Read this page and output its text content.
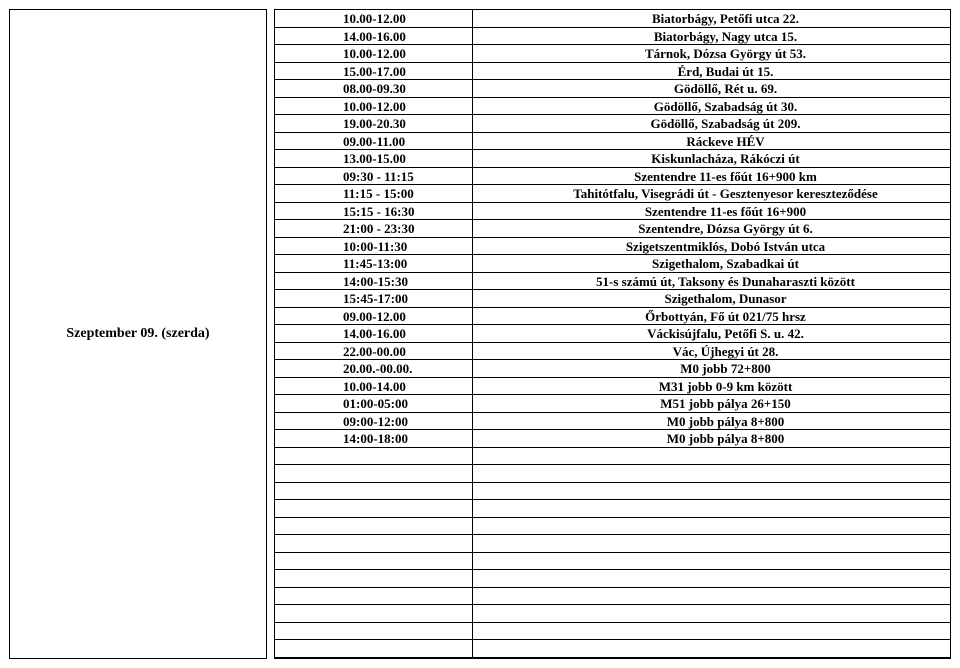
Szeptember 09. (szerda)
10.00-12.00	Biatorbágy, Petőfi utca 22.
14.00-16.00	Biatorbágy, Nagy utca 15.
10.00-12.00	Tárnok, Dózsa György út 53.
15.00-17.00	Érd, Budai út 15.
08.00-09.30	Gödöllő, Rét u. 69.
10.00-12.00	Gödöllő, Szabadság út 30.
19.00-20.30	Gödöllő, Szabadság út 209.
09.00-11.00	Ráckeve HÉV
13.00-15.00	Kiskunlacháza, Rákóczi út
09:30 - 11:15	Szentendre 11-es főút 16+900 km
11:15 - 15:00	Tahitótfalu, Visegrádi út - Gesztenyesor kereszteződése
15:15 - 16:30	Szentendre 11-es főút 16+900
21:00 - 23:30	Szentendre, Dózsa György út 6.
10:00-11:30	Szigetszentmiklós, Dobó István utca
11:45-13:00	Szigethalom, Szabadkai út
14:00-15:30	51-s számú út, Taksony és Dunaharaszti között
15:45-17:00	Szigethalom, Dunasor
09.00-12.00	Őrbottyán, Fő út 021/75 hrsz
14.00-16.00	Váckisújfalu, Petőfi S. u. 42.
22.00-00.00	Vác, Újhegyi út 28.
20.00.-00.00.	M0 jobb 72+800
10.00-14.00	M31 jobb 0-9 km között
01:00-05:00	M51 jobb pálya 26+150
09:00-12:00	M0 jobb pálya 8+800
14:00-18:00	M0 jobb pálya 8+800
